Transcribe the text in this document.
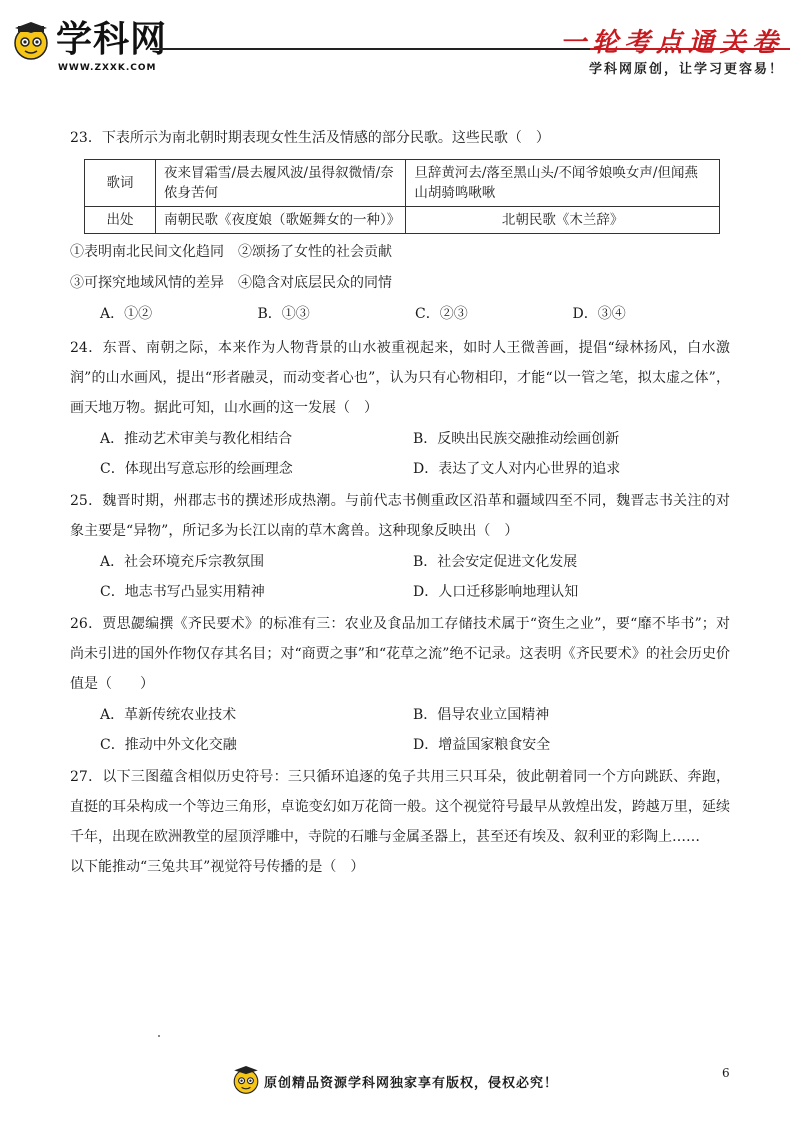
学科网
WWW.ZXXK.COM
一轮考点通关卷
学科网原创，让学习更容易！

23．下表所示为南北朝时期表现女性生活及情感的部分民歌。这些民歌（　）

歌词	夜来冒霜雪/晨去履风波/虽得叙微情/奈侬身苦何	旦辞黄河去/落至黑山头/不闻爷娘唤女声/但闻燕山胡骑鸣啾啾
出处	南朝民歌《夜度娘（歌姬舞女的一种）》	北朝民歌《木兰辞》

①表明南北民间文化趋同　②颂扬了女性的社会贡献

③可探究地域风情的差异　④隐含对底层民众的同情

A．①②	B．①③	C．②③	D．③④

24．东晋、南朝之际，本来作为人物背景的山水被重视起来，如时人王微善画，提倡“绿林扬风，白水激润”的山水画风，提出“形者融灵，而动变者心也”，认为只有心物相印，才能“以一管之笔，拟太虚之体”，画天地万物。据此可知，山水画的这一发展（　）

A．推动艺术审美与教化相结合	B．反映出民族交融推动绘画创新
C．体现出写意忘形的绘画理念	D．表达了文人对内心世界的追求

25．魏晋时期，州郡志书的撰述形成热潮。与前代志书侧重政区沿革和疆域四至不同，魏晋志书关注的对象主要是“异物”，所记多为长江以南的草木禽兽。这种现象反映出（　）

A．社会环境充斥宗教氛围	B．社会安定促进文化发展
C．地志书写凸显实用精神	D．人口迁移影响地理认知

26．贾思勰编撰《齐民要术》的标准有三：农业及食品加工存储技术属于“资生之业”，要“靡不毕书”；对尚未引进的国外作物仅存其名目；对“商贾之事”和“花草之流”绝不记录。这表明《齐民要术》的社会历史价值是（　　）

A．革新传统农业技术	B．倡导农业立国精神
C．推动中外文化交融	D．增益国家粮食安全

27．以下三图蕴含相似历史符号：三只循环追逐的兔子共用三只耳朵，彼此朝着同一个方向跳跃、奔跑，直挺的耳朵构成一个等边三角形，卓诡变幻如万花筒一般。这个视觉符号最早从敦煌出发，跨越万里，延续千年，出现在欧洲教堂的屋顶浮雕中，寺院的石雕与金属圣器上，甚至还有埃及、叙利亚的彩陶上……

以下能推动“三兔共耳”视觉符号传播的是（　）

原创精品资源学科网独家享有版权，侵权必究！
6
